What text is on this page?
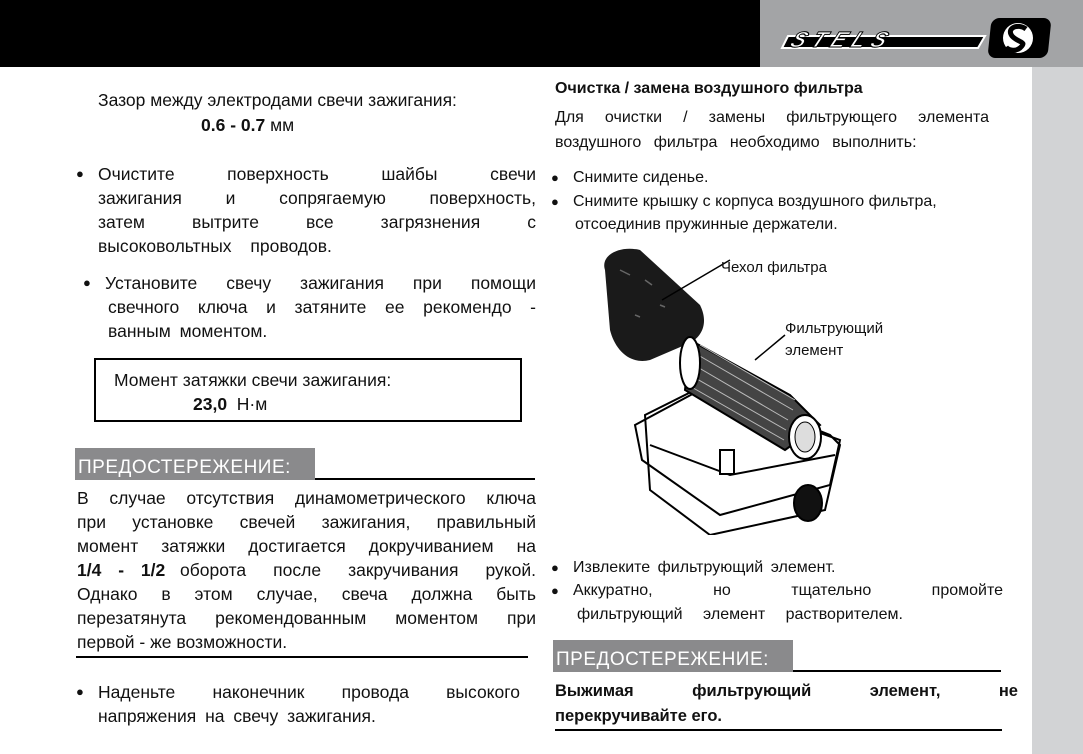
STELS
Зазор между электродами свечи зажигания:
0.6 - 0.7 мм
● Очистите поверхность шайбы свечи
зажигания и сопрягаемую поверхность,
затем вытрите все загрязнения с
высоковольтных проводов.
● Установите свечу зажигания при помощи
свечного ключа и затяните ее рекомендо -
ванным моментом.
Момент затяжки свечи зажигания:
23,0 Н·м
ПРЕДОСТЕРЕЖЕНИЕ:
В случае отсутствия динамометрического ключа
при установке свечей зажигания, правильный
момент затяжки достигается докручиванием на
1/4 - 1/2 оборота после закручивания рукой.
Однако в этом случае, свеча должна быть
перезатянута рекомендованным моментом при
первой - же возможности.
● Наденьте наконечник провода высокого
напряжения на свечу зажигания.
Очистка / замена воздушного фильтра
Для очистки / замены фильтрующего элемента
воздушного фильтра необходимо выполнить:
● Снимите сиденье.
● Снимите крышку с корпуса воздушного фильтра,
отсоединив пружинные держатели.
Чехол фильтра
Фильтрующий
элемент
● Извлеките фильтрующий элемент.
● Аккуратно, но тщательно промойте
фильтрующий элемент растворителем.
ПРЕДОСТЕРЕЖЕНИЕ:
Выжимая фильтрующий элемент, не
перекручивайте его.
